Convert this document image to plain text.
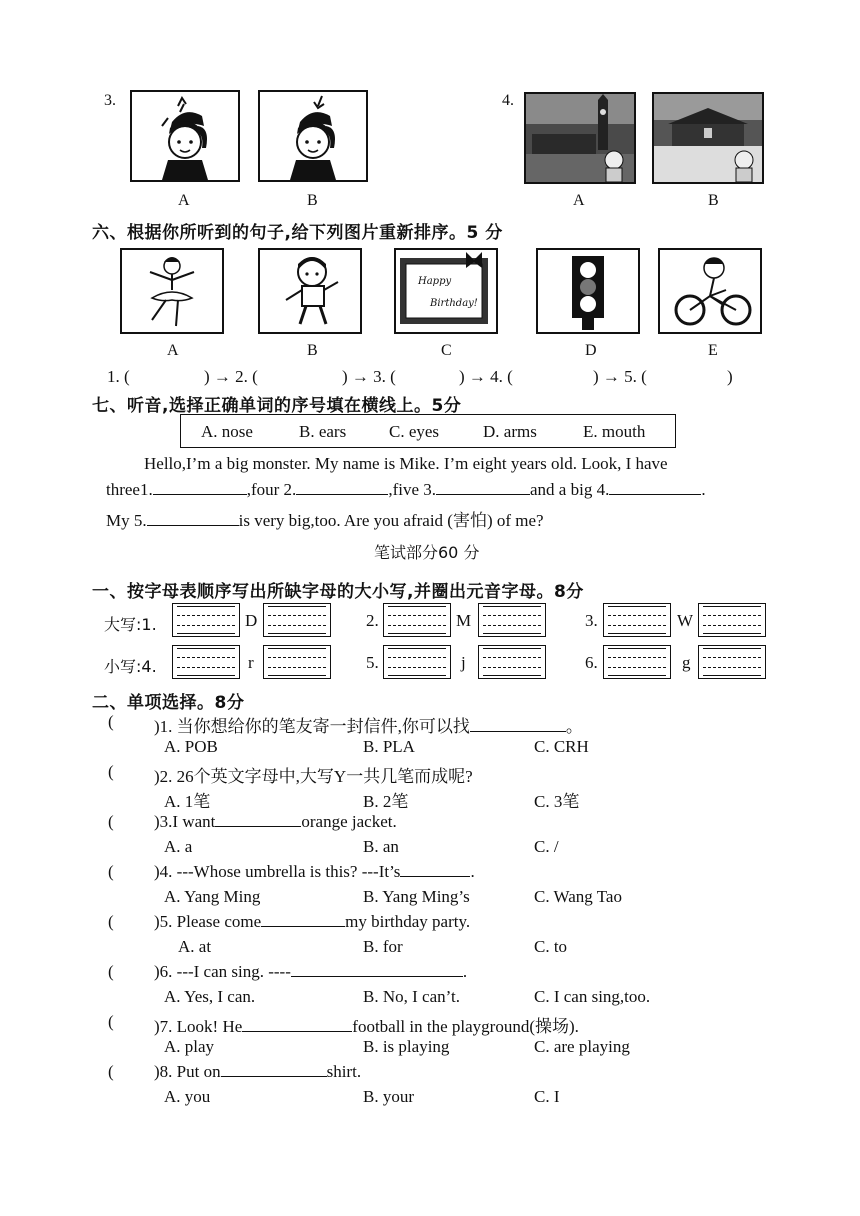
3.
A	B
4.
A	B
六、根据你所听到的句子,给下列图片重新排序。5 分
Happy
Birthday!
A	B	C	D	E
1. (	) → 2. (	) → 3. (	) → 4. (	) → 5. (	)
七、听音,选择正确单词的序号填在横线上。5分
A. nose	B. ears	C. eyes	D. arms	E. mouth
Hello,I’m a big monster. My name is Mike. I’m eight years old. Look, I have
three1.	,four 2.	,five 3.	and a big 4.	.
My 5.	is very big,too. Are you afraid (害怕) of me?
笔试部分60 分
一、按字母表顺序写出所缺字母的大小写,并圈出元音字母。8分
大写:1.	D	2.	M	3.	W
小写:4.	r	5.	j	6.	g
二、单项选择。8分
( )1. 当你想给你的笔友寄一封信件,你可以找	。
A. POB	B. PLA	C. CRH
( )2. 26个英文字母中,大写Y一共几笔而成呢?
A. 1笔	B. 2笔	C. 3笔
( )3.I want	orange jacket.
A. a	B. an	C. /
( )4. ---Whose umbrella is this? ---It’s	.
A. Yang Ming	B. Yang Ming’s	C. Wang Tao
( )5. Please come	my birthday party.
A. at	B. for	C. to
( )6. ---I can sing. ----	.
A. Yes, I can.	B. No, I can’t.	C. I can sing,too.
( )7. Look! He	football in the playground(操场).
A. play	B. is playing	C. are playing
( )8. Put on	shirt.
A. you	B. your	C. I
